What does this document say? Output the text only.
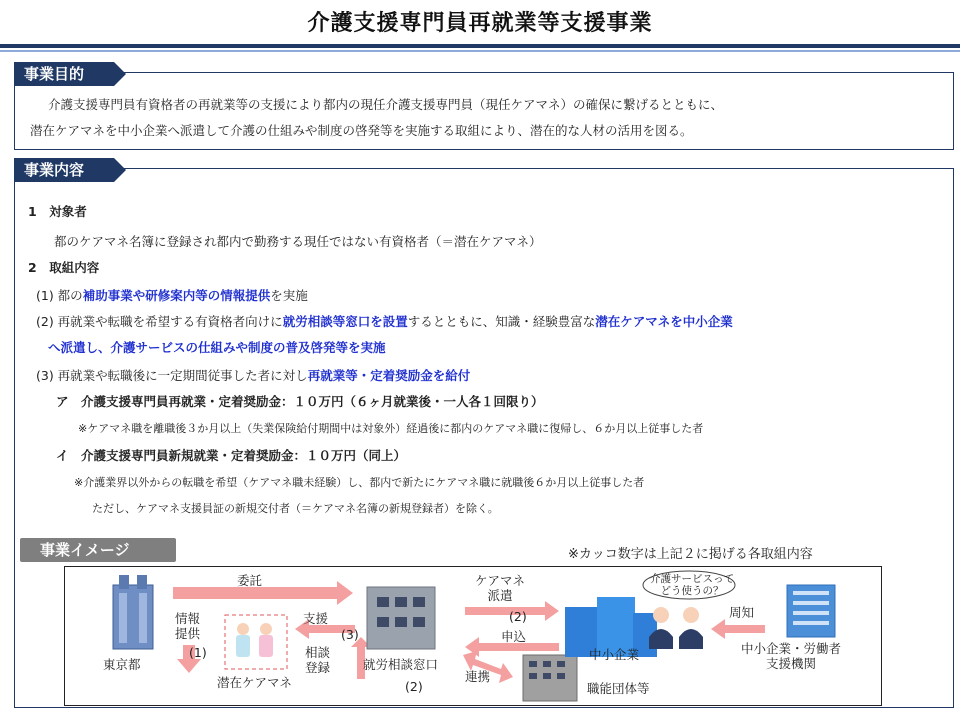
介護支援専門員再就業等支援事業
事業目的
介護支援専門員有資格者の再就業等の支援により都内の現任介護支援専門員（現任ケアマネ）の確保に繋げるとともに、
潜在ケアマネを中小企業へ派遣して介護の仕組みや制度の啓発等を実施する取組により、潜在的な人材の活用を図る。
事業内容
1　対象者
都のケアマネ名簿に登録され都内で勤務する現任ではない有資格者（＝潜在ケアマネ）
2　取組内容
(1) 都の補助事業や研修案内等の情報提供を実施
(2) 再就業や転職を希望する有資格者向けに就労相談等窓口を設置するとともに、知識・経験豊富な潜在ケアマネを中小企業
へ派遣し、介護サービスの仕組みや制度の普及啓発等を実施
(3) 再就業や転職後に一定期間従事した者に対し再就業等・定着奨励金を給付
ア　介護支援専門員再就業・定着奨励金：１０万円（６ヶ月就業後・一人各１回限り）
※ケアマネ職を離職後３か月以上（失業保険給付期間中は対象外）経過後に都内のケアマネ職に復帰し、６か月以上従事した者
イ　介護支援専門員新規就業・定着奨励金：１０万円（同上）
※介護業界以外からの転職を希望（ケアマネ職未経験）し、都内で新たにケアマネ職に就職後６か月以上従事した者
ただし、ケアマネ支援員証の新規交付者（＝ケアマネ名簿の新規登録者）を除く。
事業イメージ	※カッコ数字は上記２に掲げる各取組内容
委託
情報
提供
(1)
東京都
支援
(3)
相談
登録
潜在ケアマネ
就労相談窓口
(2)
ケアマネ
派遣
(2)
申込
中小企業
介護サービスって
どう使うの？
周知
中小企業・労働者
支援機関
連携
職能団体等
